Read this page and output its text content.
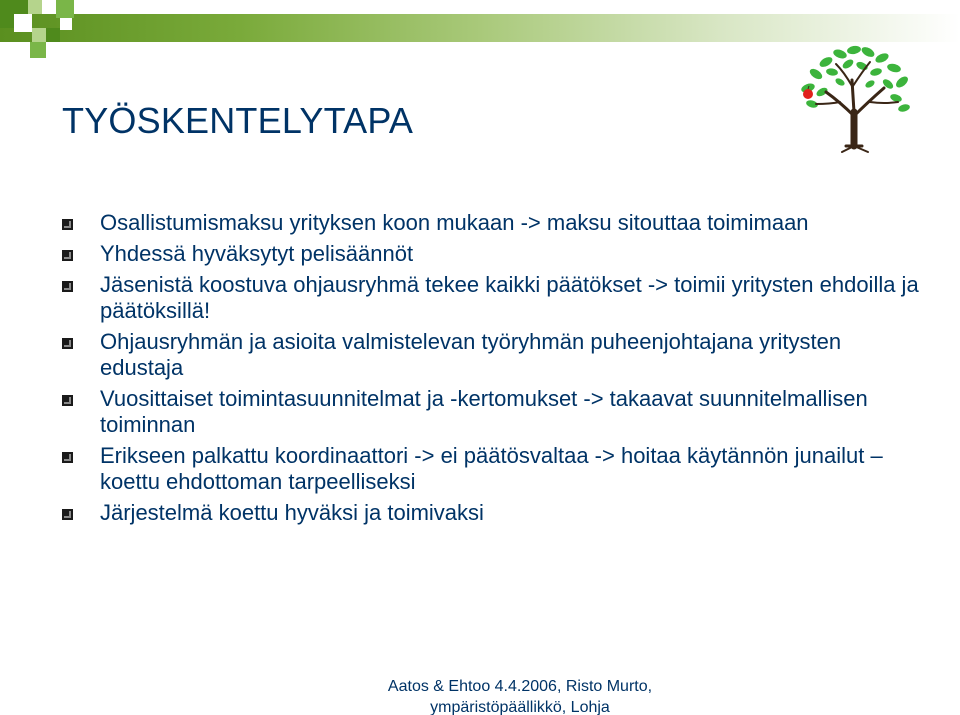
TYÖSKENTELYTAPA
Osallistumismaksu yrityksen koon mukaan -> maksu sitouttaa toimimaan
Yhdessä hyväksytyt pelisäännöt
Jäsenistä koostuva ohjausryhmä tekee kaikki päätökset -> toimii yritysten ehdoilla ja päätöksillä!
Ohjausryhmän ja asioita valmistelevan työryhmän puheenjohtajana yritysten edustaja
Vuosittaiset toimintasuunnitelmat ja -kertomukset -> takaavat suunnitelmallisen toiminnan
Erikseen palkattu koordinaattori -> ei päätösvaltaa -> hoitaa käytännön junailut – koettu ehdottoman tarpeelliseksi
Järjestelmä koettu hyväksi ja toimivaksi
Aatos & Ehtoo 4.4.2006, Risto Murto,
ympäristöpäällikkö, Lohja
